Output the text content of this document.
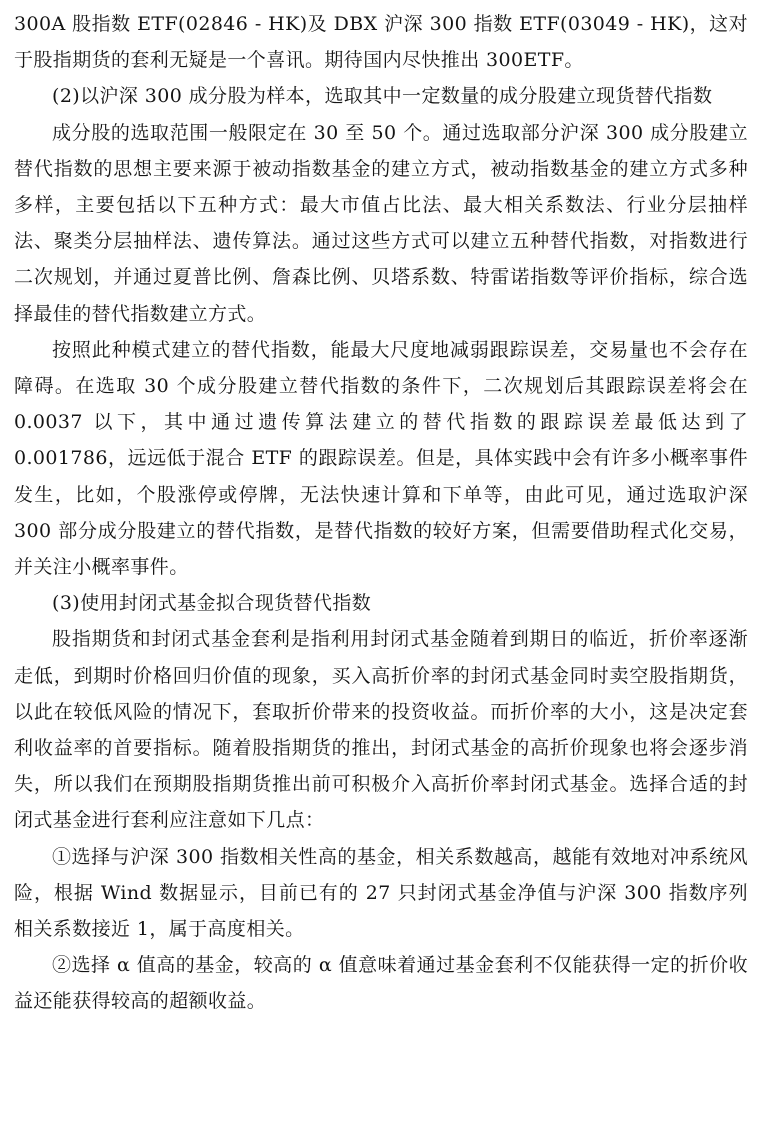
300A 股指数 ETF(02846 - HK)及 DBX 沪深 300 指数 ETF(03049 - HK)，这对于股指期货的套利无疑是一个喜讯。期待国内尽快推出 300ETF。

(2)以沪深 300 成分股为样本，选取其中一定数量的成分股建立现货替代指数

成分股的选取范围一般限定在 30 至 50 个。通过选取部分沪深 300 成分股建立替代指数的思想主要来源于被动指数基金的建立方式，被动指数基金的建立方式多种多样，主要包括以下五种方式：最大市值占比法、最大相关系数法、行业分层抽样法、聚类分层抽样法、遗传算法。通过这些方式可以建立五种替代指数，对指数进行二次规划，并通过夏普比例、詹森比例、贝塔系数、特雷诺指数等评价指标，综合选择最佳的替代指数建立方式。

按照此种模式建立的替代指数，能最大尺度地减弱跟踪误差，交易量也不会存在障碍。在选取 30 个成分股建立替代指数的条件下，二次规划后其跟踪误差将会在 0.0037 以下，其中通过遗传算法建立的替代指数的跟踪误差最低达到了 0.001786，远远低于混合 ETF 的跟踪误差。但是，具体实践中会有许多小概率事件发生，比如，个股涨停或停牌，无法快速计算和下单等，由此可见，通过选取沪深 300 部分成分股建立的替代指数，是替代指数的较好方案，但需要借助程式化交易，并关注小概率事件。

(3)使用封闭式基金拟合现货替代指数

股指期货和封闭式基金套利是指利用封闭式基金随着到期日的临近，折价率逐渐走低，到期时价格回归价值的现象，买入高折价率的封闭式基金同时卖空股指期货，以此在较低风险的情况下，套取折价带来的投资收益。而折价率的大小，这是决定套利收益率的首要指标。随着股指期货的推出，封闭式基金的高折价现象也将会逐步消失，所以我们在预期股指期货推出前可积极介入高折价率封闭式基金。选择合适的封闭式基金进行套利应注意如下几点：

①选择与沪深 300 指数相关性高的基金，相关系数越高，越能有效地对冲系统风险，根据 Wind 数据显示，目前已有的 27 只封闭式基金净值与沪深 300 指数序列相关系数接近 1，属于高度相关。

②选择 α 值高的基金，较高的 α 值意味着通过基金套利不仅能获得一定的折价收益还能获得较高的超额收益。
